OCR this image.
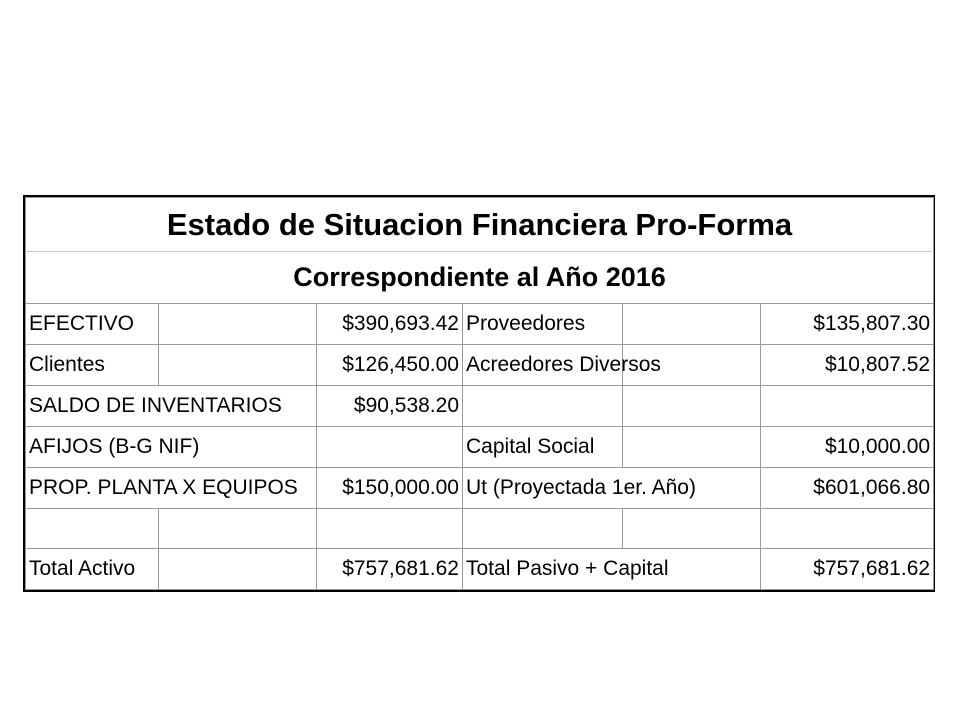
Estado de Situacion Financiera Pro-Forma					
Correspondiente al Año 2016					
EFECTIVO		$390,693.42	Proveedores		$135,807.30
Clientes		$126,450.00	Acreedores Diversos		$10,807.52
SALDO DE INVENTARIOS		$90,538.20			
AFIJOS (B-G NIF)			Capital Social		$10,000.00
PROP. PLANTA X EQUIPOS		$150,000.00	Ut (Proyectada 1er. Año)		$601,066.80

Total Activo		$757,681.62	Total Pasivo + Capital		$757,681.62
